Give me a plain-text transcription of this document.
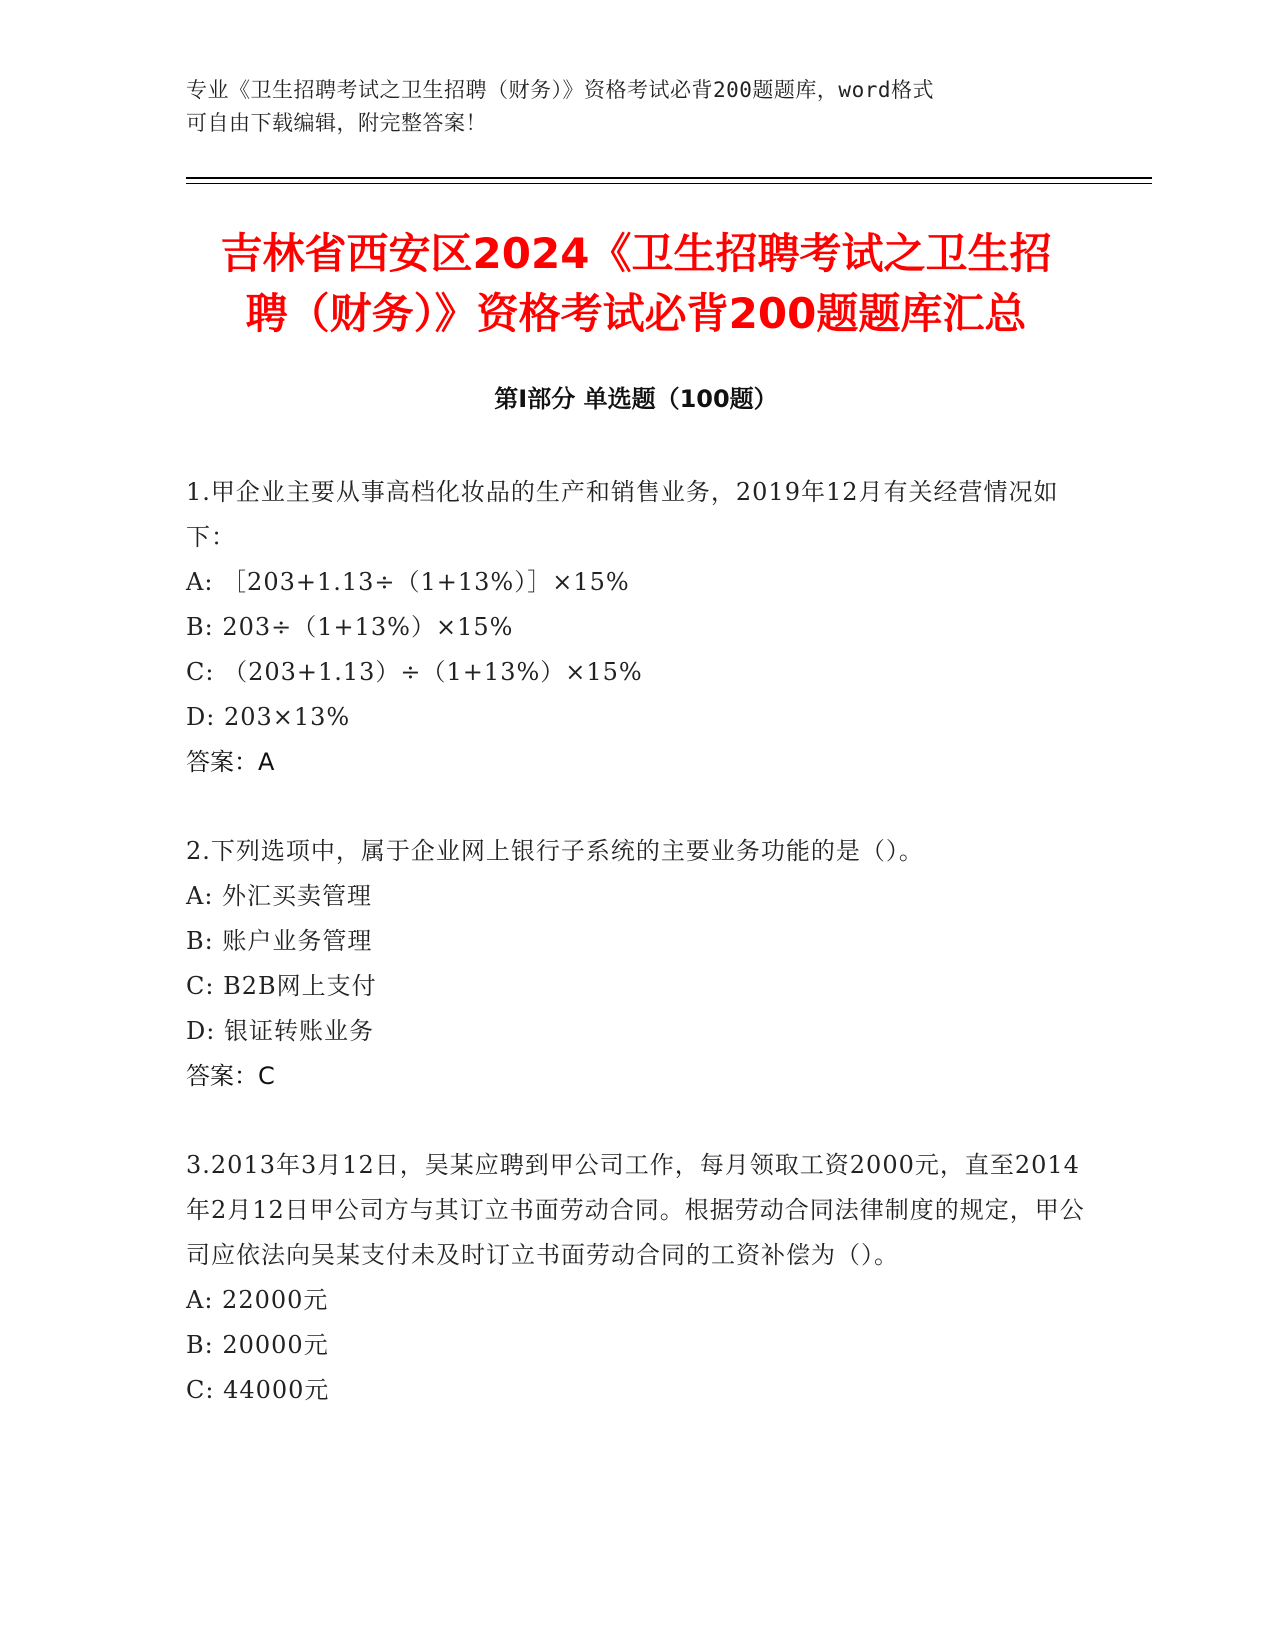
专业《卫生招聘考试之卫生招聘（财务）》资格考试必背200题题库，word格式
可自由下载编辑，附完整答案！
吉林省西安区2024《卫生招聘考试之卫生招
聘（财务）》资格考试必背200题题库汇总
第Ⅰ部分 单选题（100题）
1.甲企业主要从事高档化妆品的生产和销售业务，2019年12月有关经营情况如下：
A: ［203+1.13÷（1+13%）］×15%
B: 203÷（1+13%）×15%
C: （203+1.13）÷（1+13%）×15%
D: 203×13%
答案：A
2.下列选项中，属于企业网上银行子系统的主要业务功能的是（）。
A: 外汇买卖管理
B: 账户业务管理
C: B2B网上支付
D: 银证转账业务
答案：C
3.2013年3月12日，吴某应聘到甲公司工作，每月领取工资2000元，直至2014年2月12日甲公司方与其订立书面劳动合同。根据劳动合同法律制度的规定，甲公司应依法向吴某支付未及时订立书面劳动合同的工资补偿为（）。
A: 22000元
B: 20000元
C: 44000元
